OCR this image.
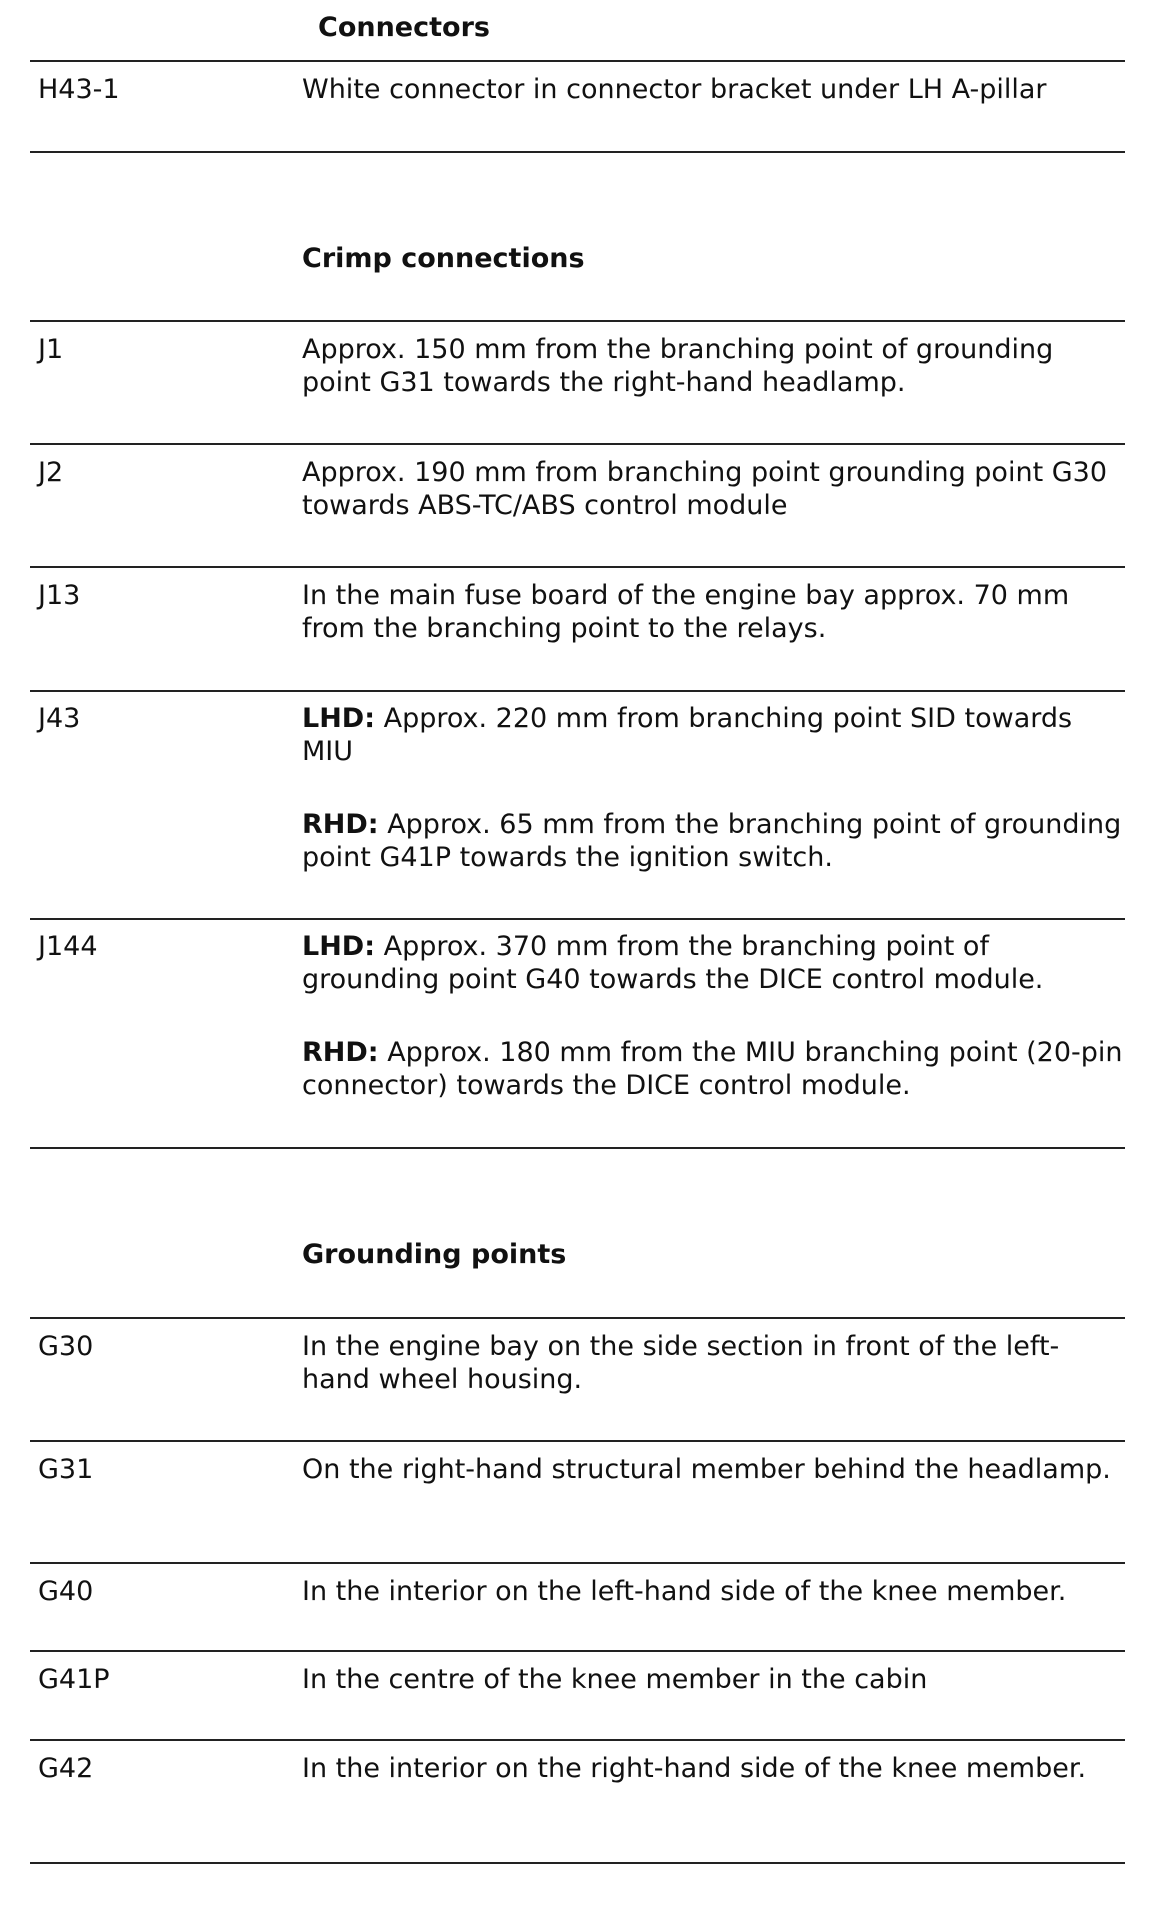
Connectors
H43-1	White connector in connector bracket under LH A-pillar

Crimp connections
J1	Approx. 150 mm from the branching point of grounding point G31 towards the right-hand headlamp.

J2	Approx. 190 mm from branching point grounding point G30 towards ABS-TC/ABS control module

J13	In the main fuse board of the engine bay approx. 70 mm from the branching point to the relays.

J43	LHD: Approx. 220 mm from branching point SID towards MIU

RHD: Approx. 65 mm from the branching point of grounding point G41P towards the ignition switch.

J144	LHD: Approx. 370 mm from the branching point of grounding point G40 towards the DICE control module.

RHD: Approx. 180 mm from the MIU branching point (20-pin connector) towards the DICE control module.

Grounding points
G30	In the engine bay on the side section in front of the left-hand wheel housing.

G31	On the right-hand structural member behind the headlamp.

G40	In the interior on the left-hand side of the knee member.

G41P	In the centre of the knee member in the cabin

G42	In the interior on the right-hand side of the knee member.
